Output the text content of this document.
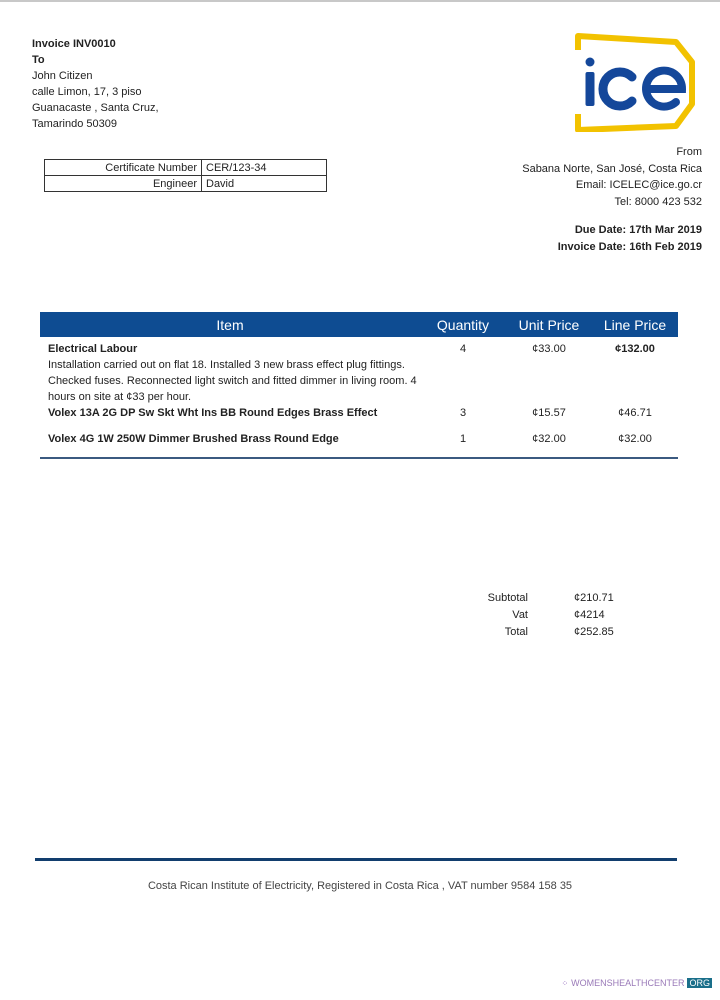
Invoice INV0010
To
John Citizen
calle Limon, 17, 3 piso
Guanacaste , Santa Cruz,
Tamarindo 50309
Certificate Number	CER/123-34
Engineer	David
From
Sabana Norte, San José, Costa Rica
Email: ICELEC@ice.go.cr
Tel: 8000 423 532
Due Date: 17th Mar 2019
Invoice Date: 16th Feb 2019
Item	Quantity	Unit Price	Line Price

Electrical Labour
Installation carried out on flat 18. Installed 3 new brass effect plug fittings. Checked fuses. Reconnected light switch and fitted dimmer in living room. 4 hours on site at ¢33 per hour.	4	¢33.00	¢132.00
Volex 13A 2G DP Sw Skt Wht Ins BB Round Edges Brass Effect	3	¢15.57	¢46.71
Volex 4G 1W 250W Dimmer Brushed Brass Round Edge	1	¢32.00	¢32.00
Subtotal	¢210.71
Vat	¢4214
Total	¢252.85
Costa Rican Institute of Electricity, Registered in Costa Rica , VAT number 9584 158 35
⁘ WOMENSHEALTHCENTER ORG
